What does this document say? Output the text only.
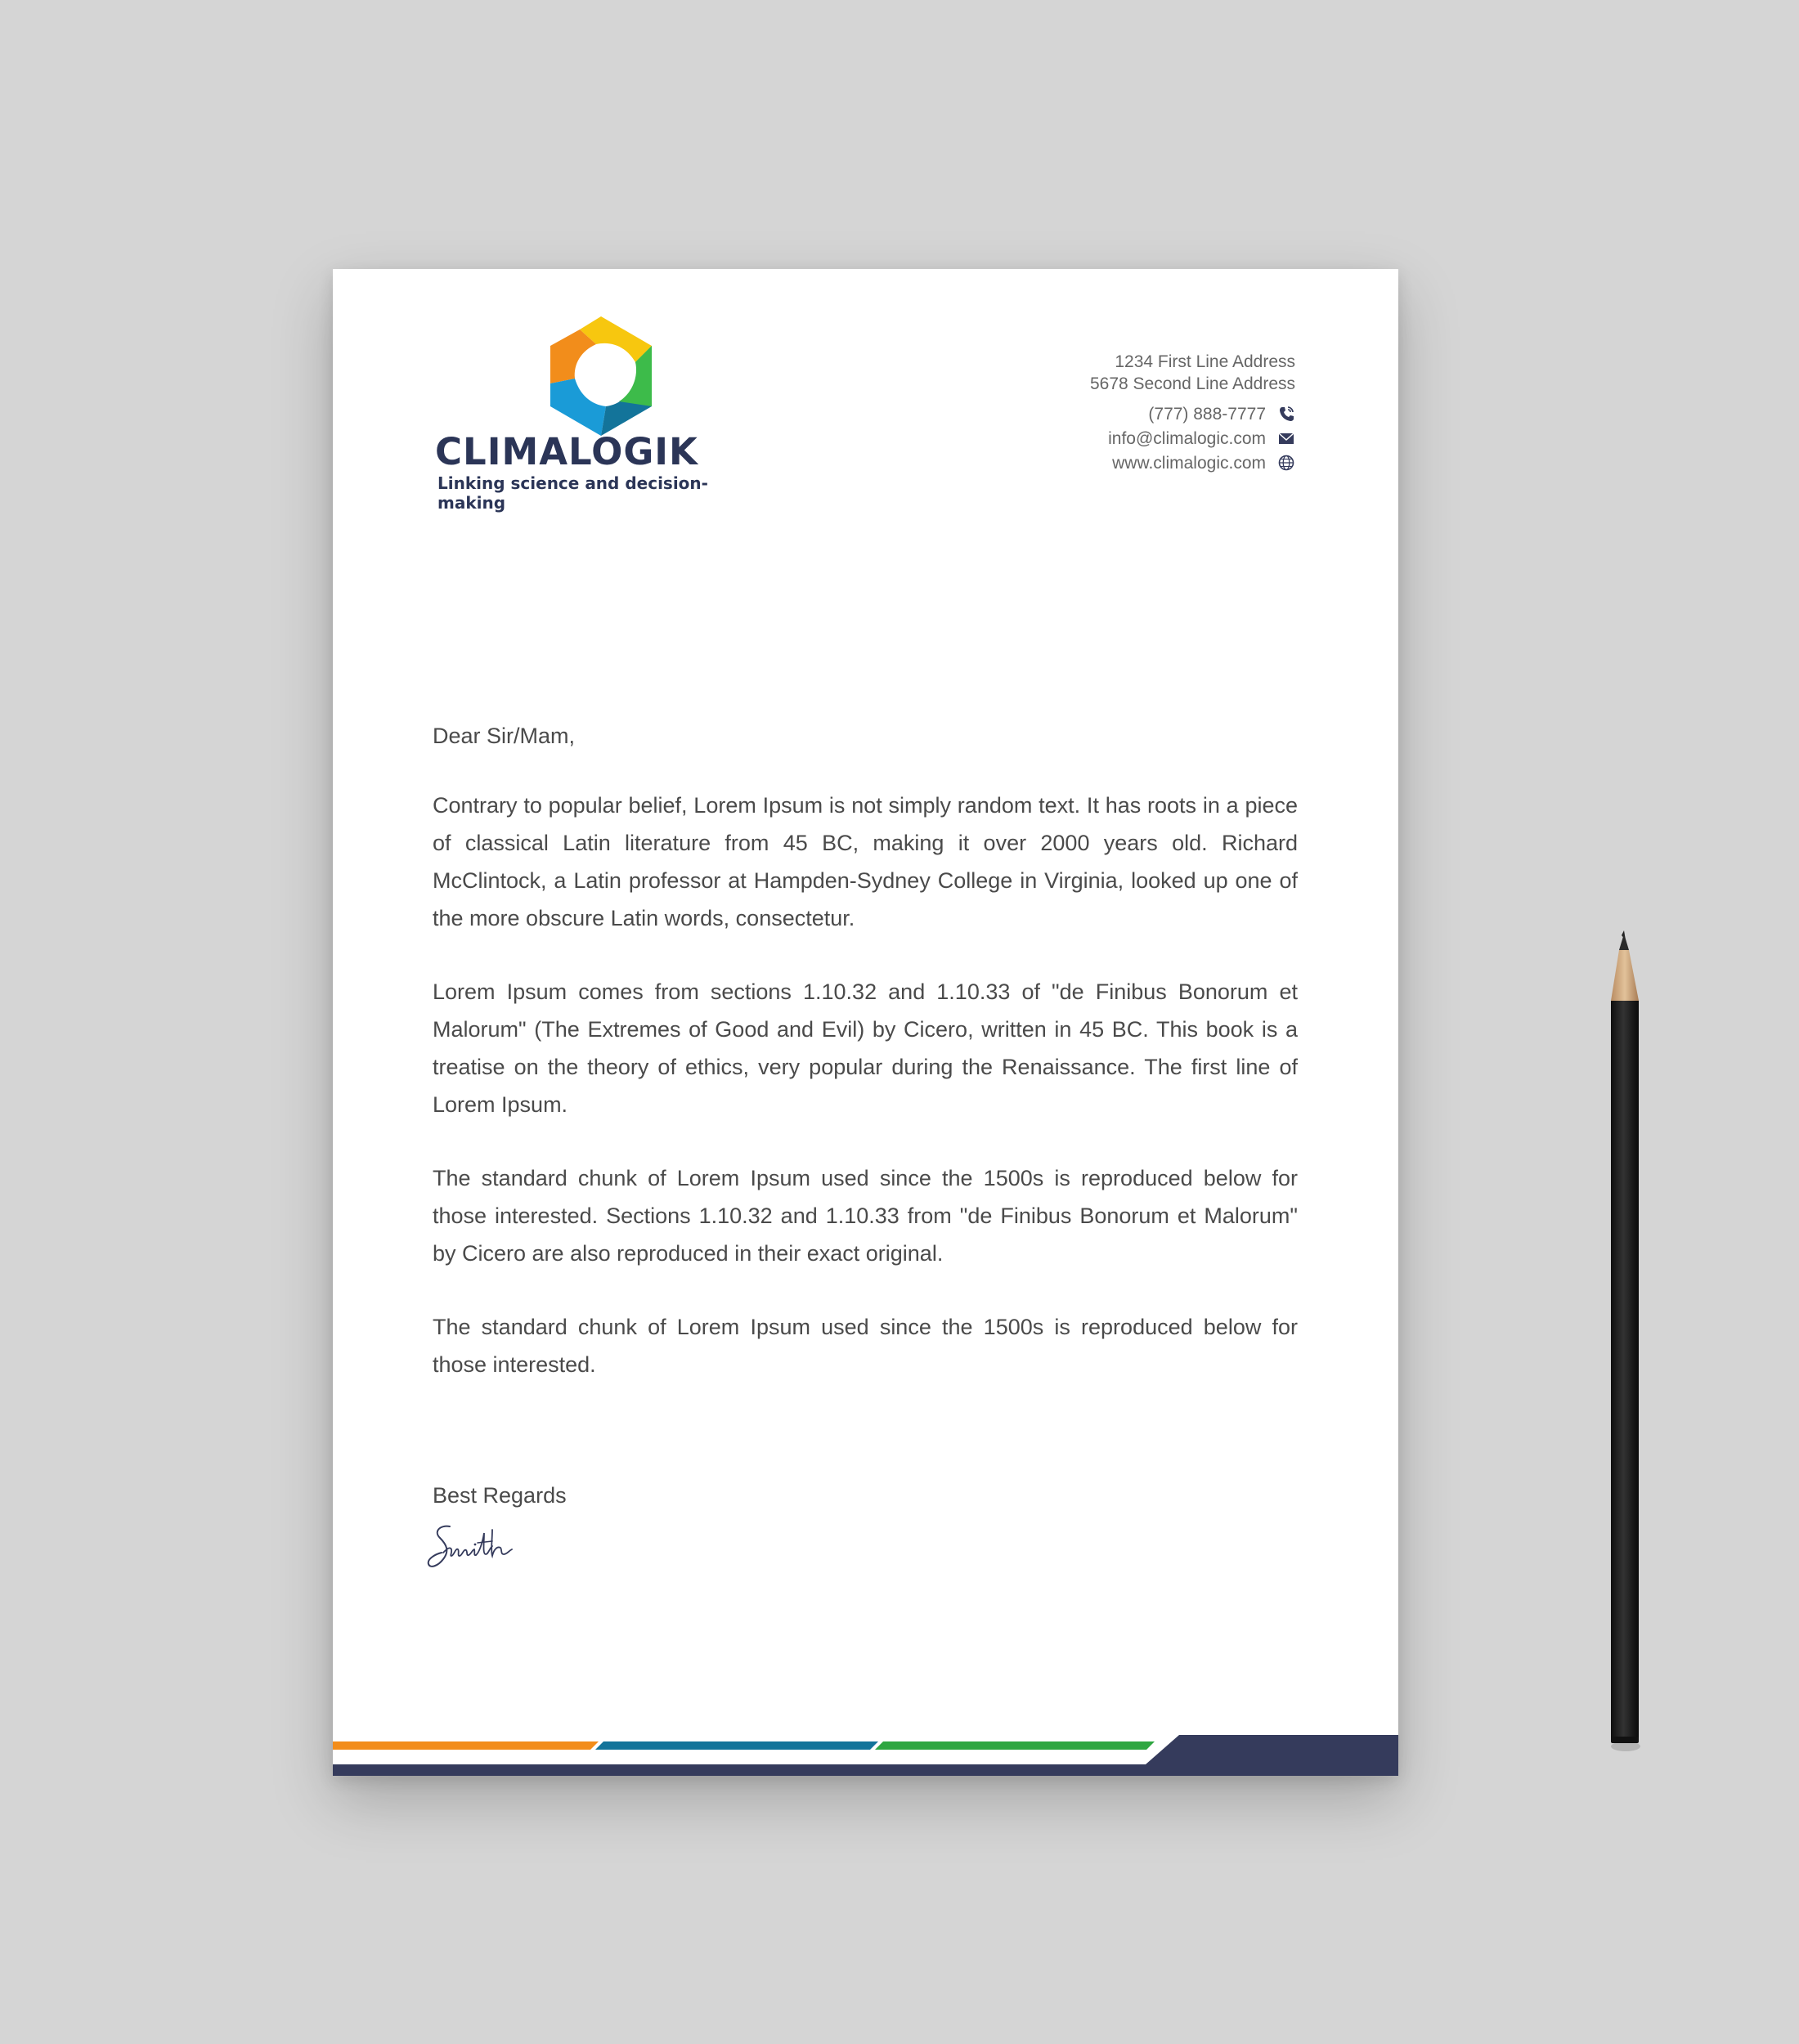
CLIMALOGIK
Linking science and decision-making
1234 First Line Address
5678 Second Line Address
(777) 888-7777
info@climalogic.com
www.climalogic.com

Dear Sir/Mam,

Contrary to popular belief, Lorem Ipsum is not simply random text. It has roots in a piece of classical Latin literature from 45 BC, making it over 2000 years old. Richard McClintock, a Latin professor at Hampden-Sydney College in Virginia, looked up one of the more obscure Latin words, consectetur.

Lorem Ipsum comes from sections 1.10.32 and 1.10.33 of "de Finibus Bonorum et Malorum" (The Extremes of Good and Evil) by Cicero, written in 45 BC. This book is a treatise on the theory of ethics, very popular during the Renaissance. The first line of Lorem Ipsum.

The standard chunk of Lorem Ipsum used since the 1500s is reproduced below for those interested. Sections 1.10.32 and 1.10.33 from "de Finibus Bonorum et Malorum" by Cicero are also reproduced in their exact original.

The standard chunk of Lorem Ipsum used since the 1500s is reproduced below for those interested.

Best Regards
